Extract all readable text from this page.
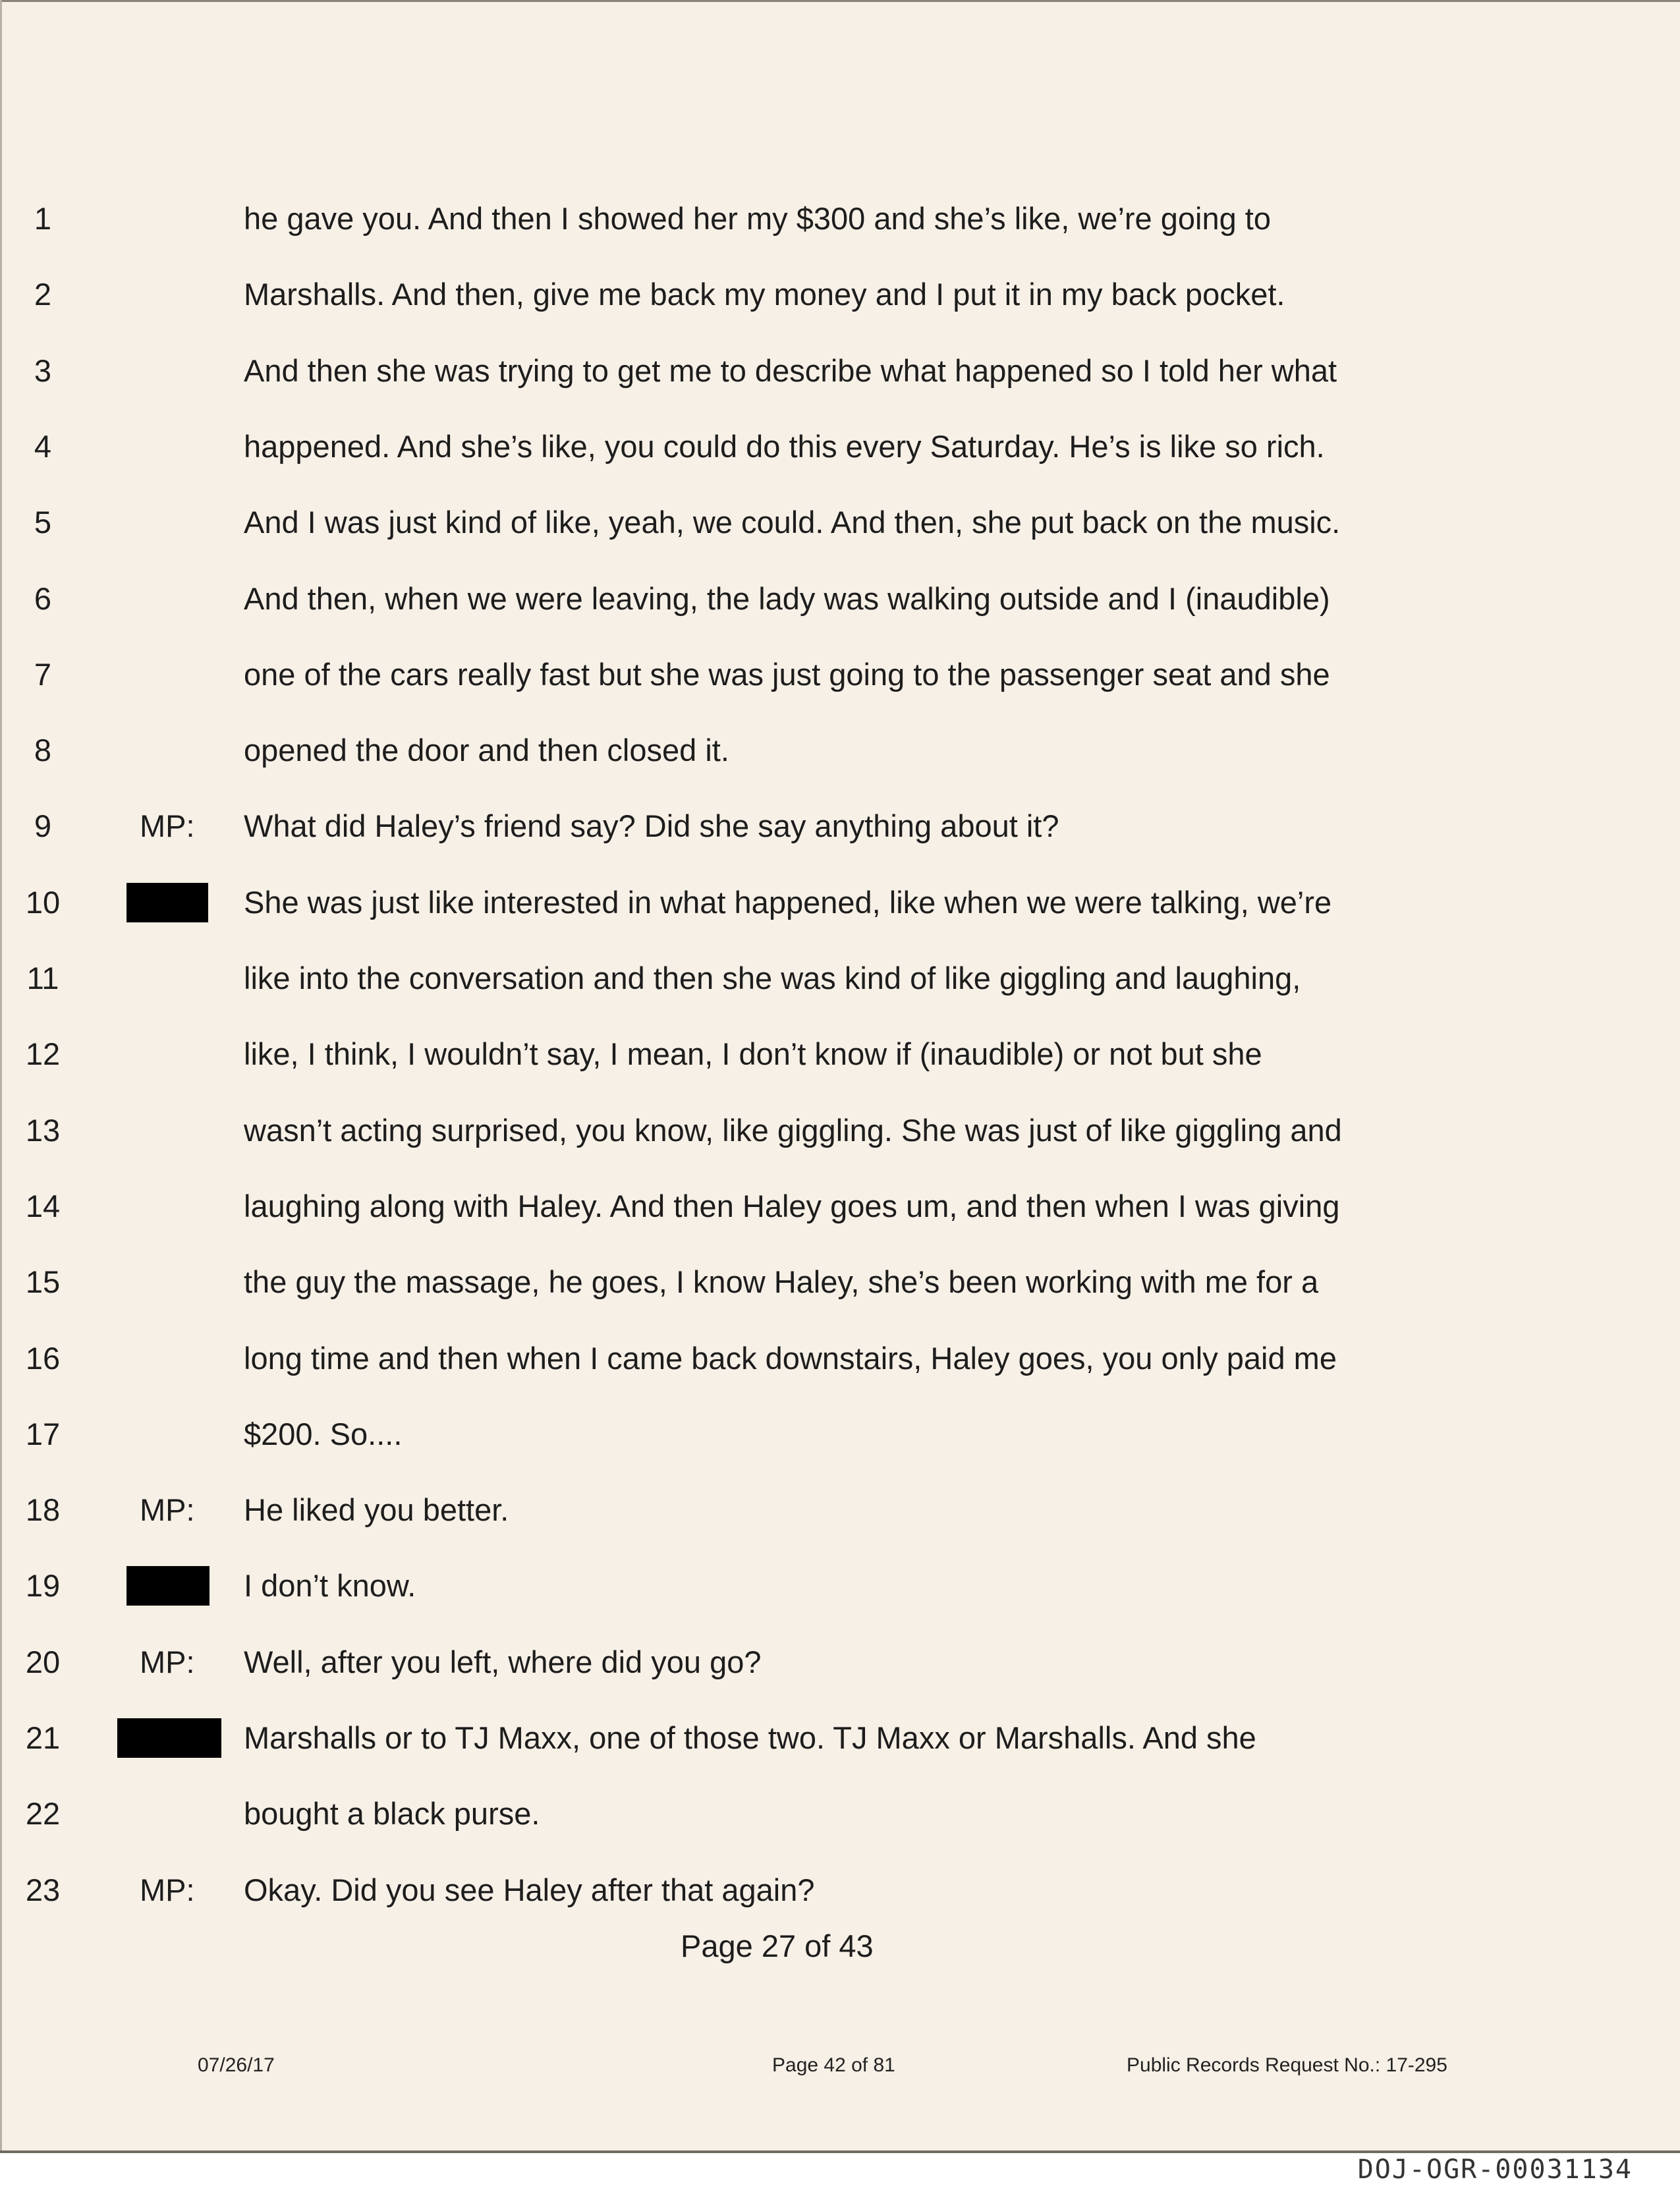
1	he gave you. And then I showed her my $300 and she’s like, we’re going to
2	Marshalls. And then, give me back my money and I put it in my back pocket.
3	And then she was trying to get me to describe what happened so I told her what
4	happened. And she’s like, you could do this every Saturday. He’s is like so rich.
5	And I was just kind of like, yeah, we could. And then, she put back on the music.
6	And then, when we were leaving, the lady was walking outside and I (inaudible)
7	one of the cars really fast but she was just going to the passenger seat and she
8	opened the door and then closed it.
9	MP: What did Haley’s friend say? Did she say anything about it?
10	She was just like interested in what happened, like when we were talking, we’re
11	like into the conversation and then she was kind of like giggling and laughing,
12	like, I think, I wouldn’t say, I mean, I don’t know if (inaudible) or not but she
13	wasn’t acting surprised, you know, like giggling. She was just of like giggling and
14	laughing along with Haley. And then Haley goes um, and then when I was giving
15	the guy the massage, he goes, I know Haley, she’s been working with me for a
16	long time and then when I came back downstairs, Haley goes, you only paid me
17	$200. So....
18	MP: He liked you better.
19	I don’t know.
20	MP: Well, after you left, where did you go?
21	Marshalls or to TJ Maxx, one of those two. TJ Maxx or Marshalls. And she
22	bought a black purse.
23	MP: Okay. Did you see Haley after that again?
Page 27 of 43
07/26/17	Page 42 of 81	Public Records Request No.: 17-295
DOJ-OGR-00031134
